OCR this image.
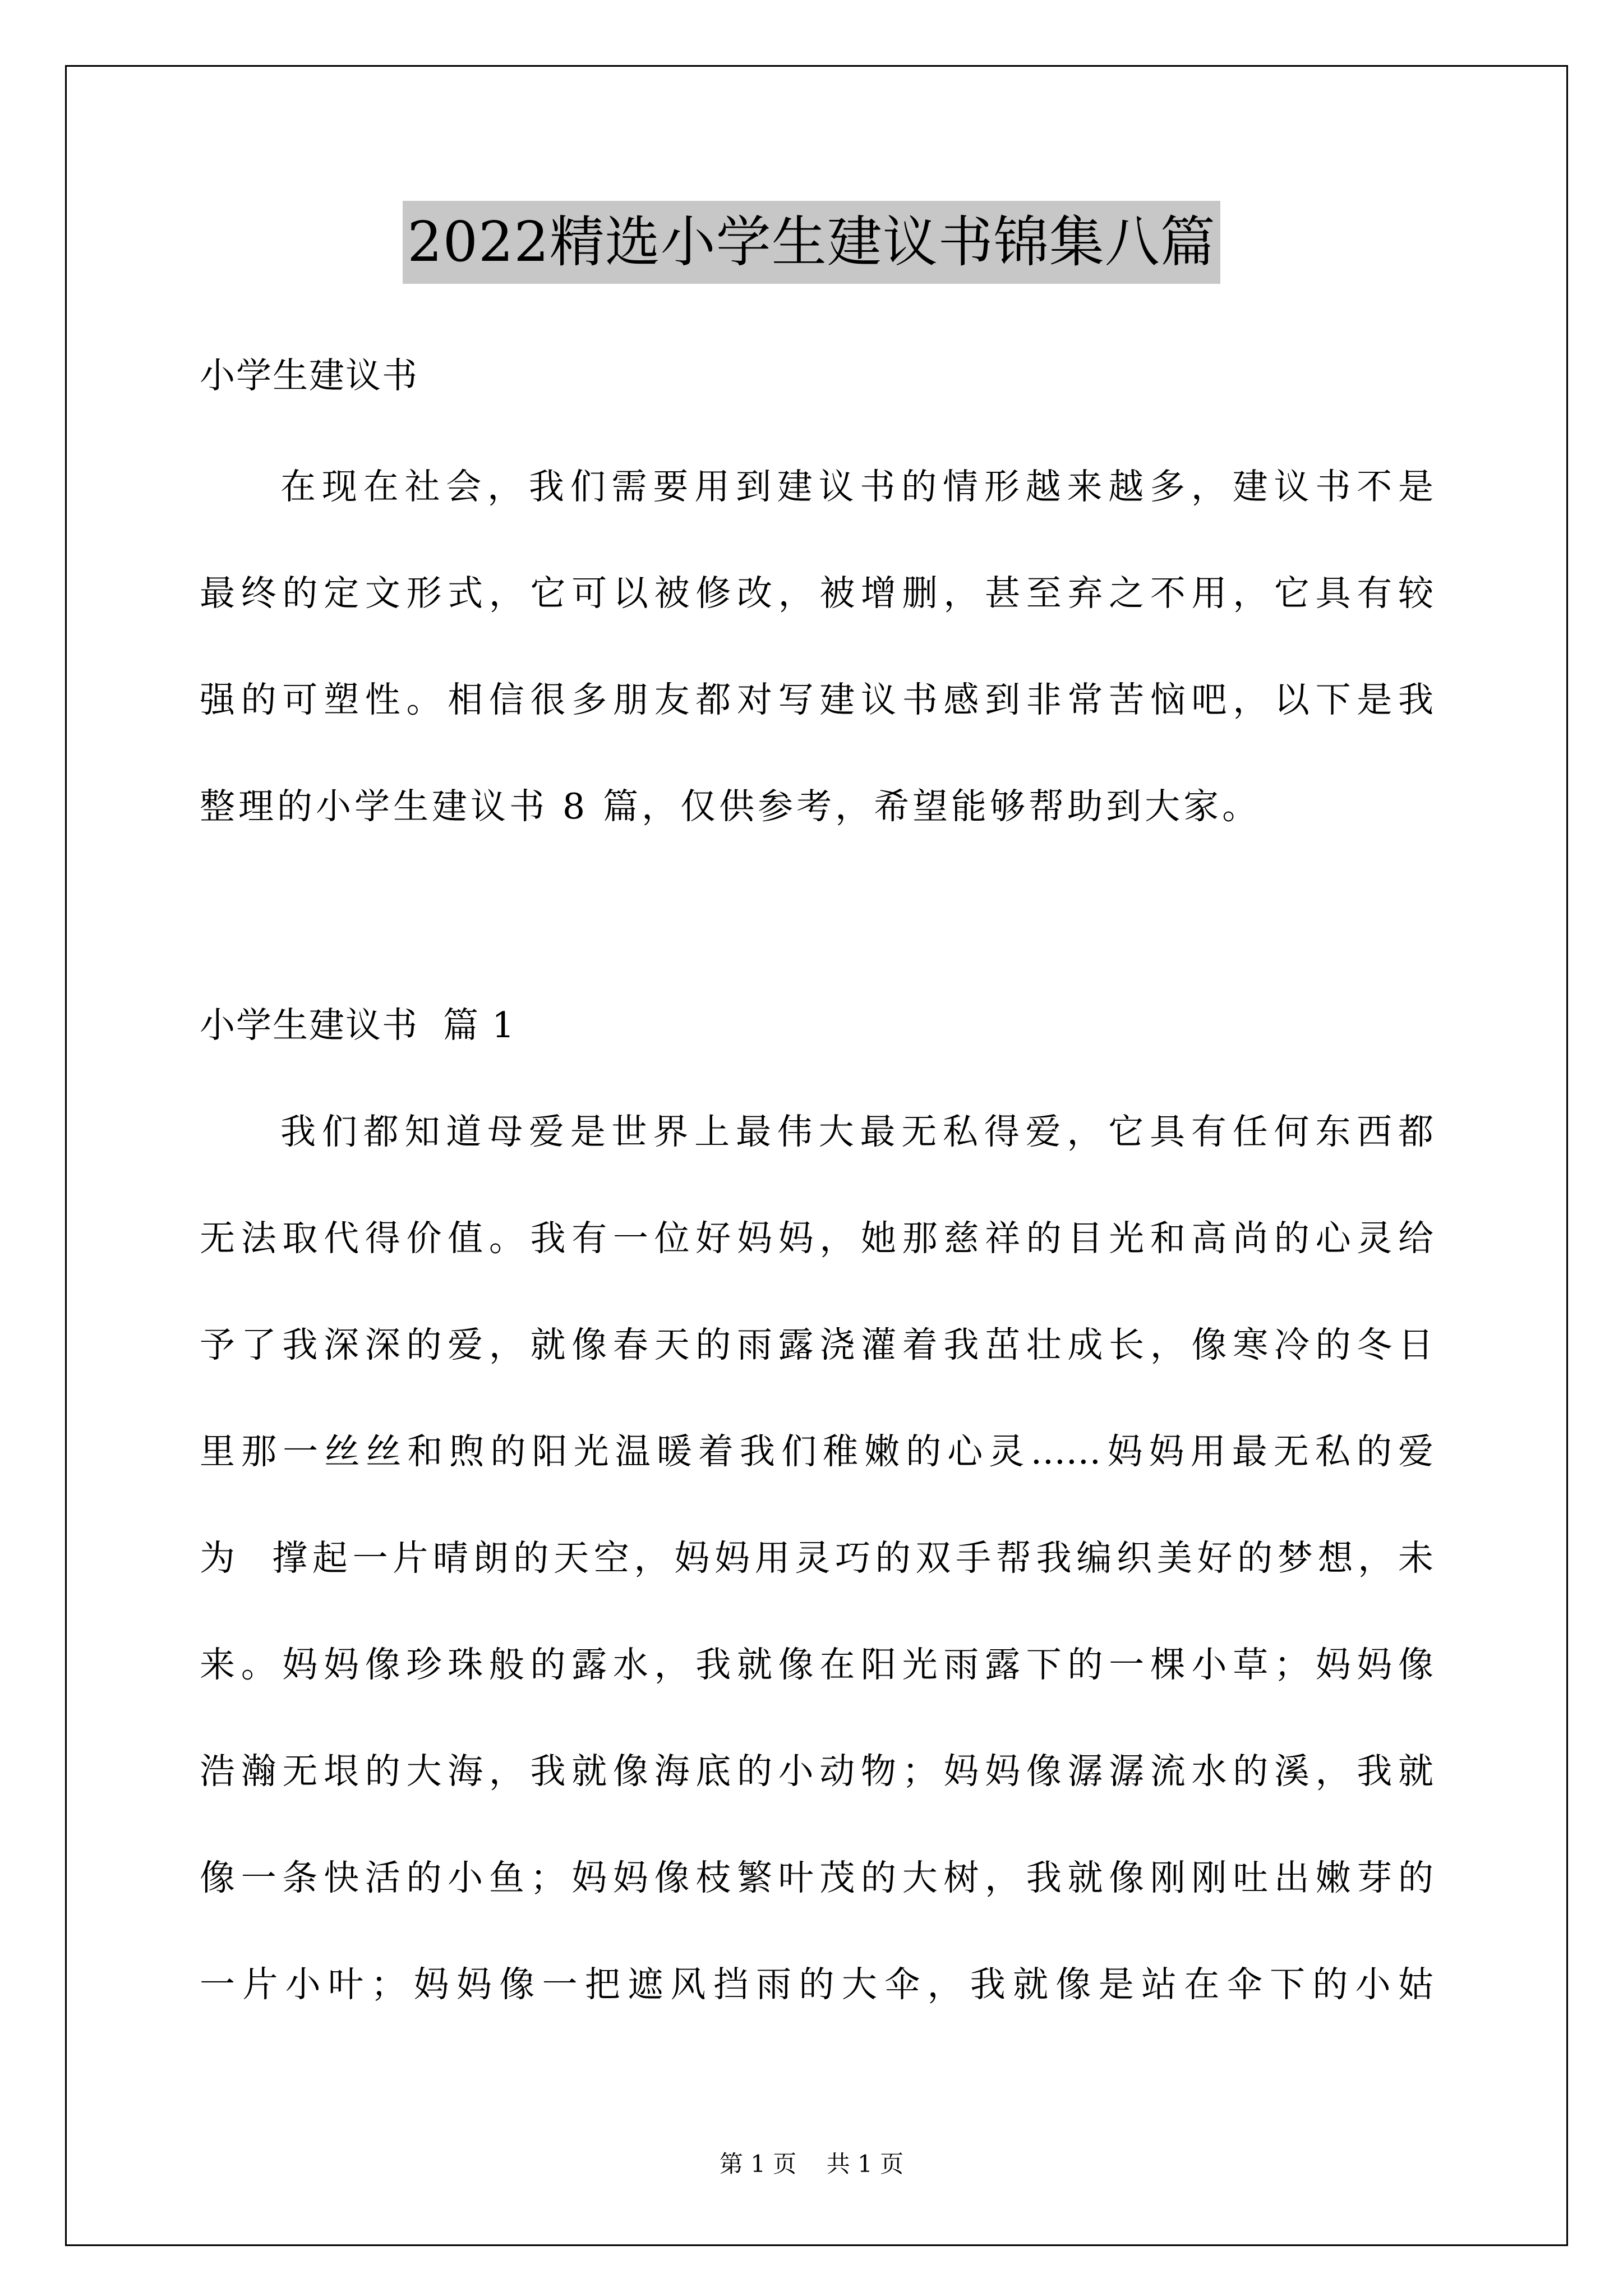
2022精选小学生建议书锦集八篇
小学生建议书
在现在社会，我们需要用到建议书的情形越来越多，建议书不是
最终的定文形式，它可以被修改，被增删，甚至弃之不用，它具有较
强的可塑性。相信很多朋友都对写建议书感到非常苦恼吧，以下是我
整理的小学生建议书 8 篇，仅供参考，希望能够帮助到大家。
小学生建议书  篇 1
我们都知道母爱是世界上最伟大最无私得爱，它具有任何东西都
无法取代得价值。我有一位好妈妈，她那慈祥的目光和高尚的心灵给
予了我深深的爱，就像春天的雨露浇灌着我茁壮成长，像寒冷的冬日
里那一丝丝和煦的阳光温暖着我们稚嫩的心灵……妈妈用最无私的爱
为  撑起一片晴朗的天空，妈妈用灵巧的双手帮我编织美好的梦想，未
来。妈妈像珍珠般的露水，我就像在阳光雨露下的一棵小草；妈妈像
浩瀚无垠的大海，我就像海底的小动物；妈妈像潺潺流水的溪，我就
像一条快活的小鱼；妈妈像枝繁叶茂的大树，我就像刚刚吐出嫩芽的
一片小叶；妈妈像一把遮风挡雨的大伞，我就像是站在伞下的小姑
第 1 页    共 1 页
